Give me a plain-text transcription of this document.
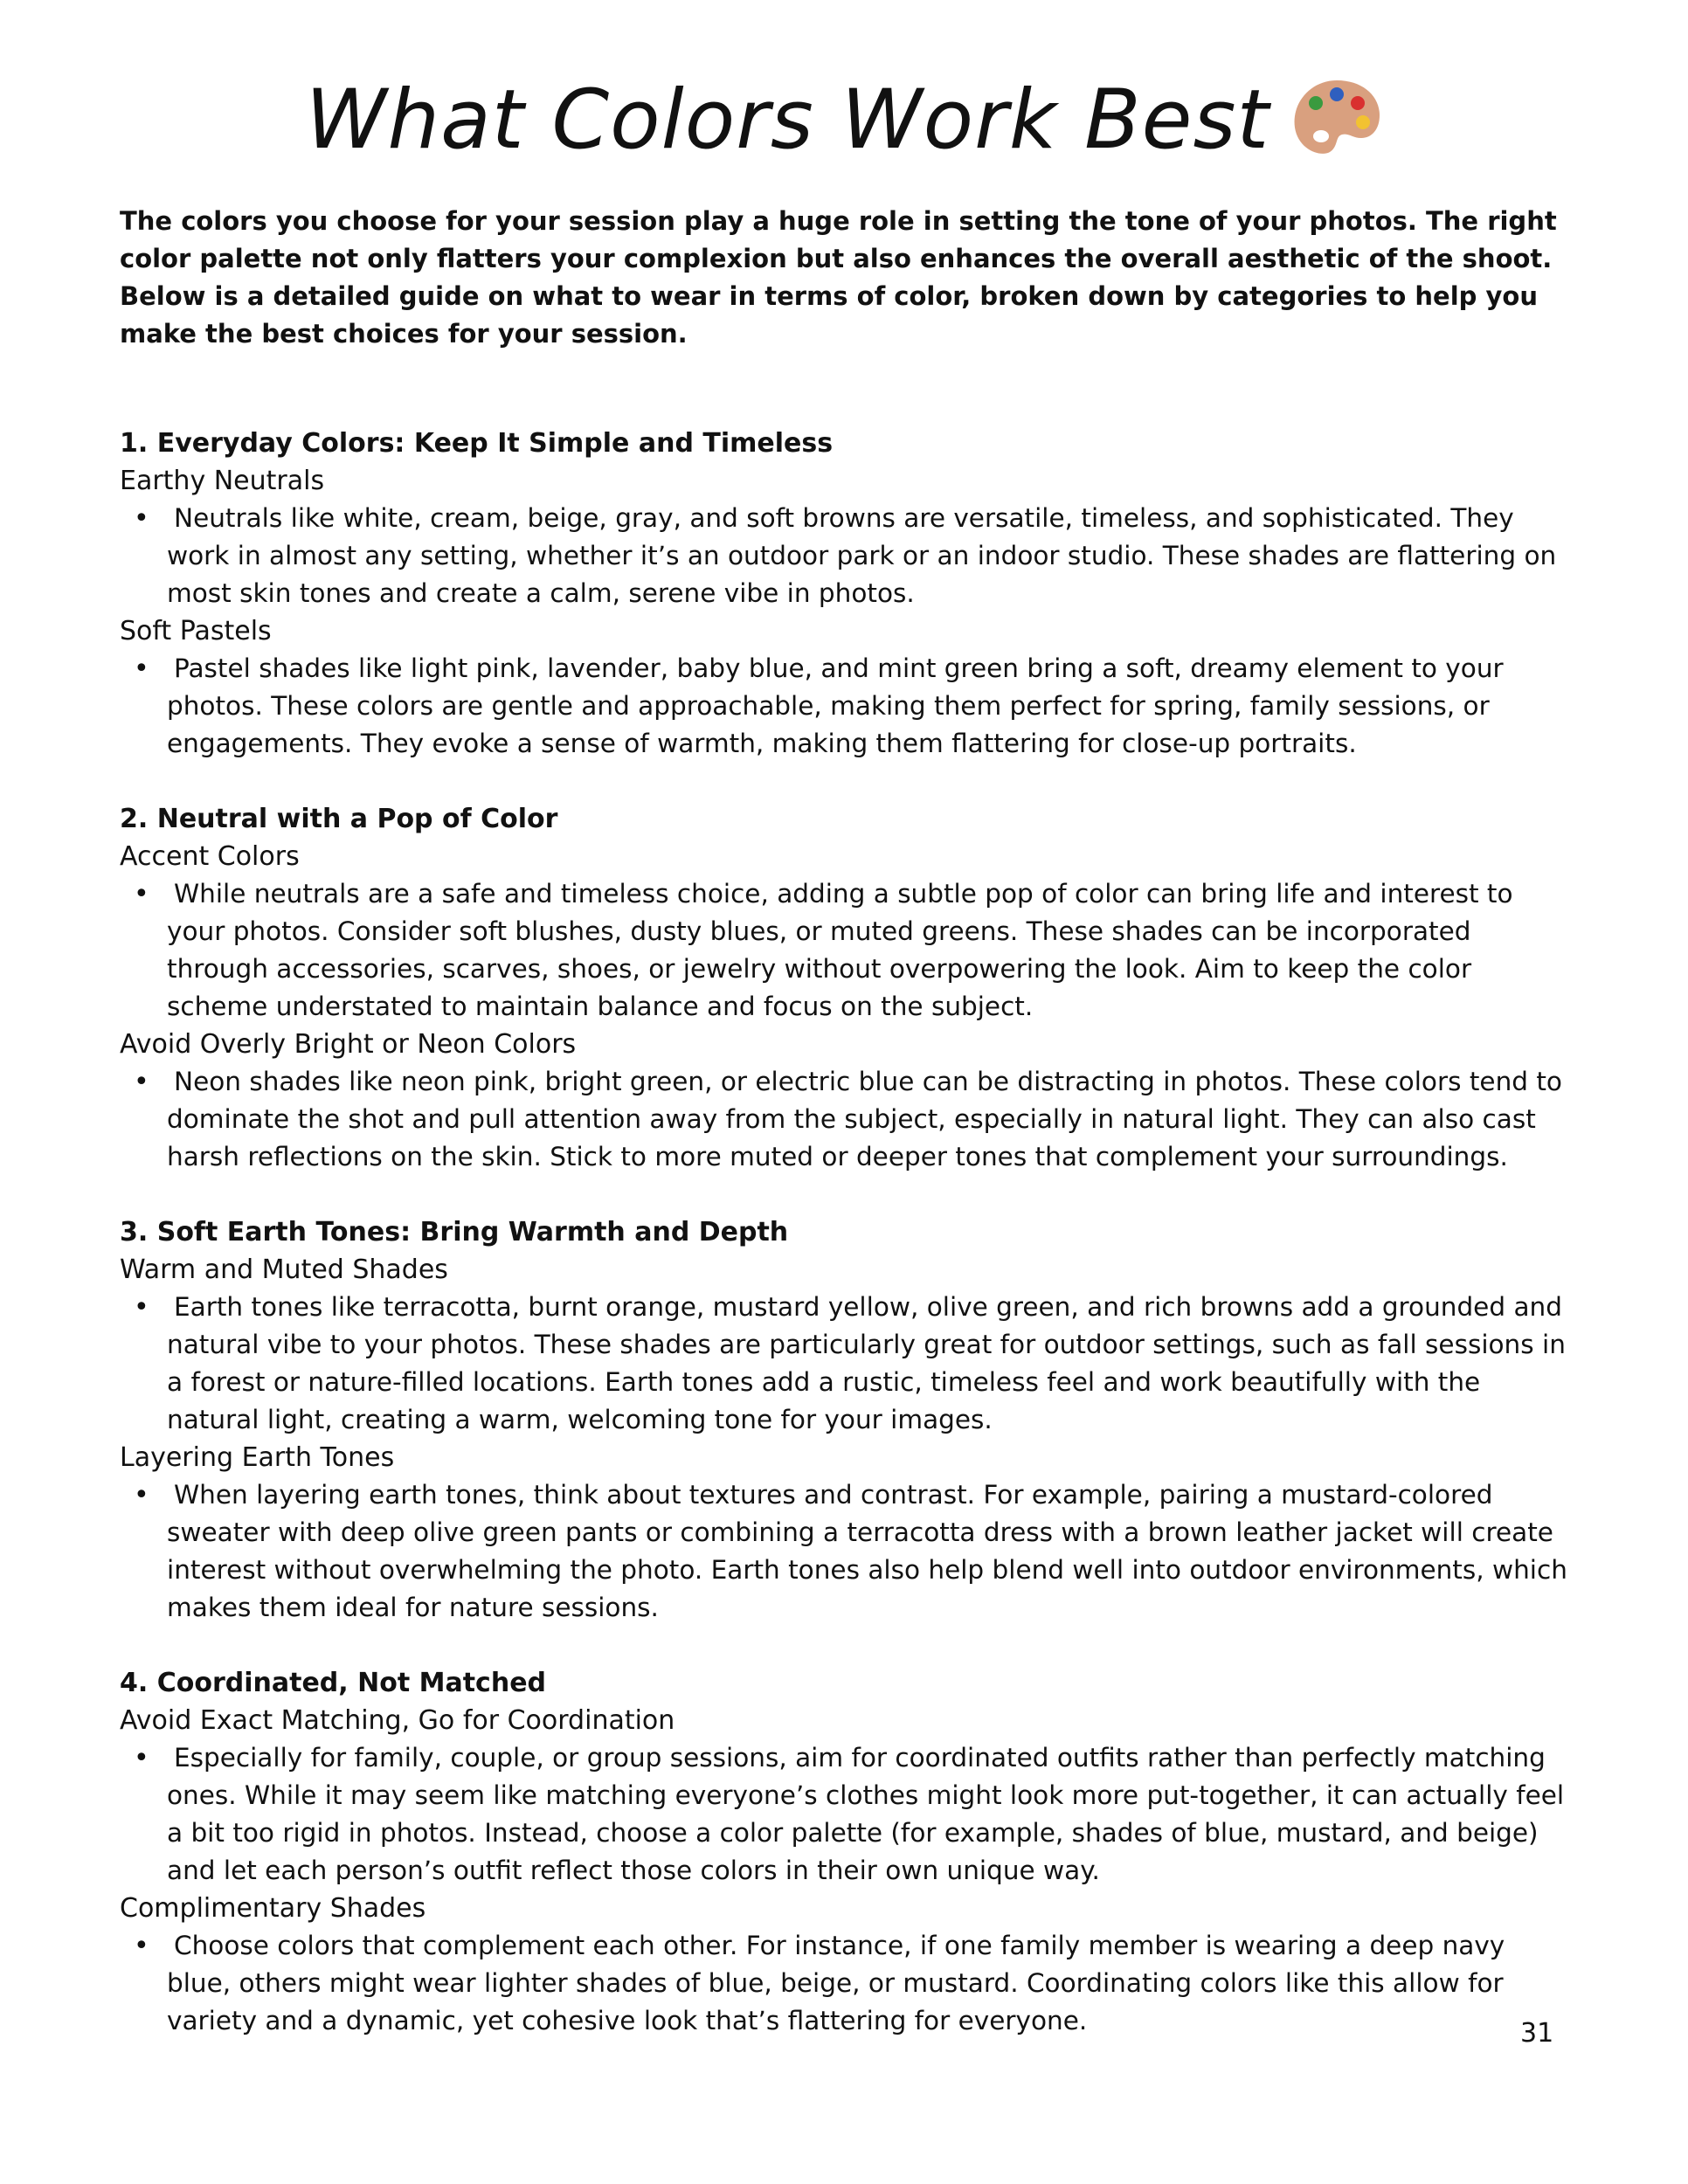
What Colors Work Best

The colors you choose for your session play a huge role in setting the tone of your photos. The right color palette not only flatters your complexion but also enhances the overall aesthetic of the shoot. Below is a detailed guide on what to wear in terms of color, broken down by categories to help you make the best choices for your session.

1. Everyday Colors: Keep It Simple and Timeless

Earthy Neutrals

• Neutrals like white, cream, beige, gray, and soft browns are versatile, timeless, and sophisticated. They work in almost any setting, whether it’s an outdoor park or an indoor studio. These shades are flattering on most skin tones and create a calm, serene vibe in photos.

Soft Pastels

• Pastel shades like light pink, lavender, baby blue, and mint green bring a soft, dreamy element to your photos. These colors are gentle and approachable, making them perfect for spring, family sessions, or engagements. They evoke a sense of warmth, making them flattering for close-up portraits.

2. Neutral with a Pop of Color

Accent Colors

• While neutrals are a safe and timeless choice, adding a subtle pop of color can bring life and interest to your photos. Consider soft blushes, dusty blues, or muted greens. These shades can be incorporated through accessories, scarves, shoes, or jewelry without overpowering the look. Aim to keep the color scheme understated to maintain balance and focus on the subject.

Avoid Overly Bright or Neon Colors

• Neon shades like neon pink, bright green, or electric blue can be distracting in photos. These colors tend to dominate the shot and pull attention away from the subject, especially in natural light. They can also cast harsh reflections on the skin. Stick to more muted or deeper tones that complement your surroundings.

3. Soft Earth Tones: Bring Warmth and Depth

Warm and Muted Shades

• Earth tones like terracotta, burnt orange, mustard yellow, olive green, and rich browns add a grounded and natural vibe to your photos. These shades are particularly great for outdoor settings, such as fall sessions in a forest or nature-filled locations. Earth tones add a rustic, timeless feel and work beautifully with the natural light, creating a warm, welcoming tone for your images.

Layering Earth Tones

• When layering earth tones, think about textures and contrast. For example, pairing a mustard-colored sweater with deep olive green pants or combining a terracotta dress with a brown leather jacket will create interest without overwhelming the photo. Earth tones also help blend well into outdoor environments, which makes them ideal for nature sessions.

4. Coordinated, Not Matched

Avoid Exact Matching, Go for Coordination

• Especially for family, couple, or group sessions, aim for coordinated outfits rather than perfectly matching ones. While it may seem like matching everyone’s clothes might look more put-together, it can actually feel a bit too rigid in photos. Instead, choose a color palette (for example, shades of blue, mustard, and beige) and let each person’s outfit reflect those colors in their own unique way.

Complimentary Shades

• Choose colors that complement each other. For instance, if one family member is wearing a deep navy blue, others might wear lighter shades of blue, beige, or mustard. Coordinating colors like this allow for variety and a dynamic, yet cohesive look that’s flattering for everyone.	31
